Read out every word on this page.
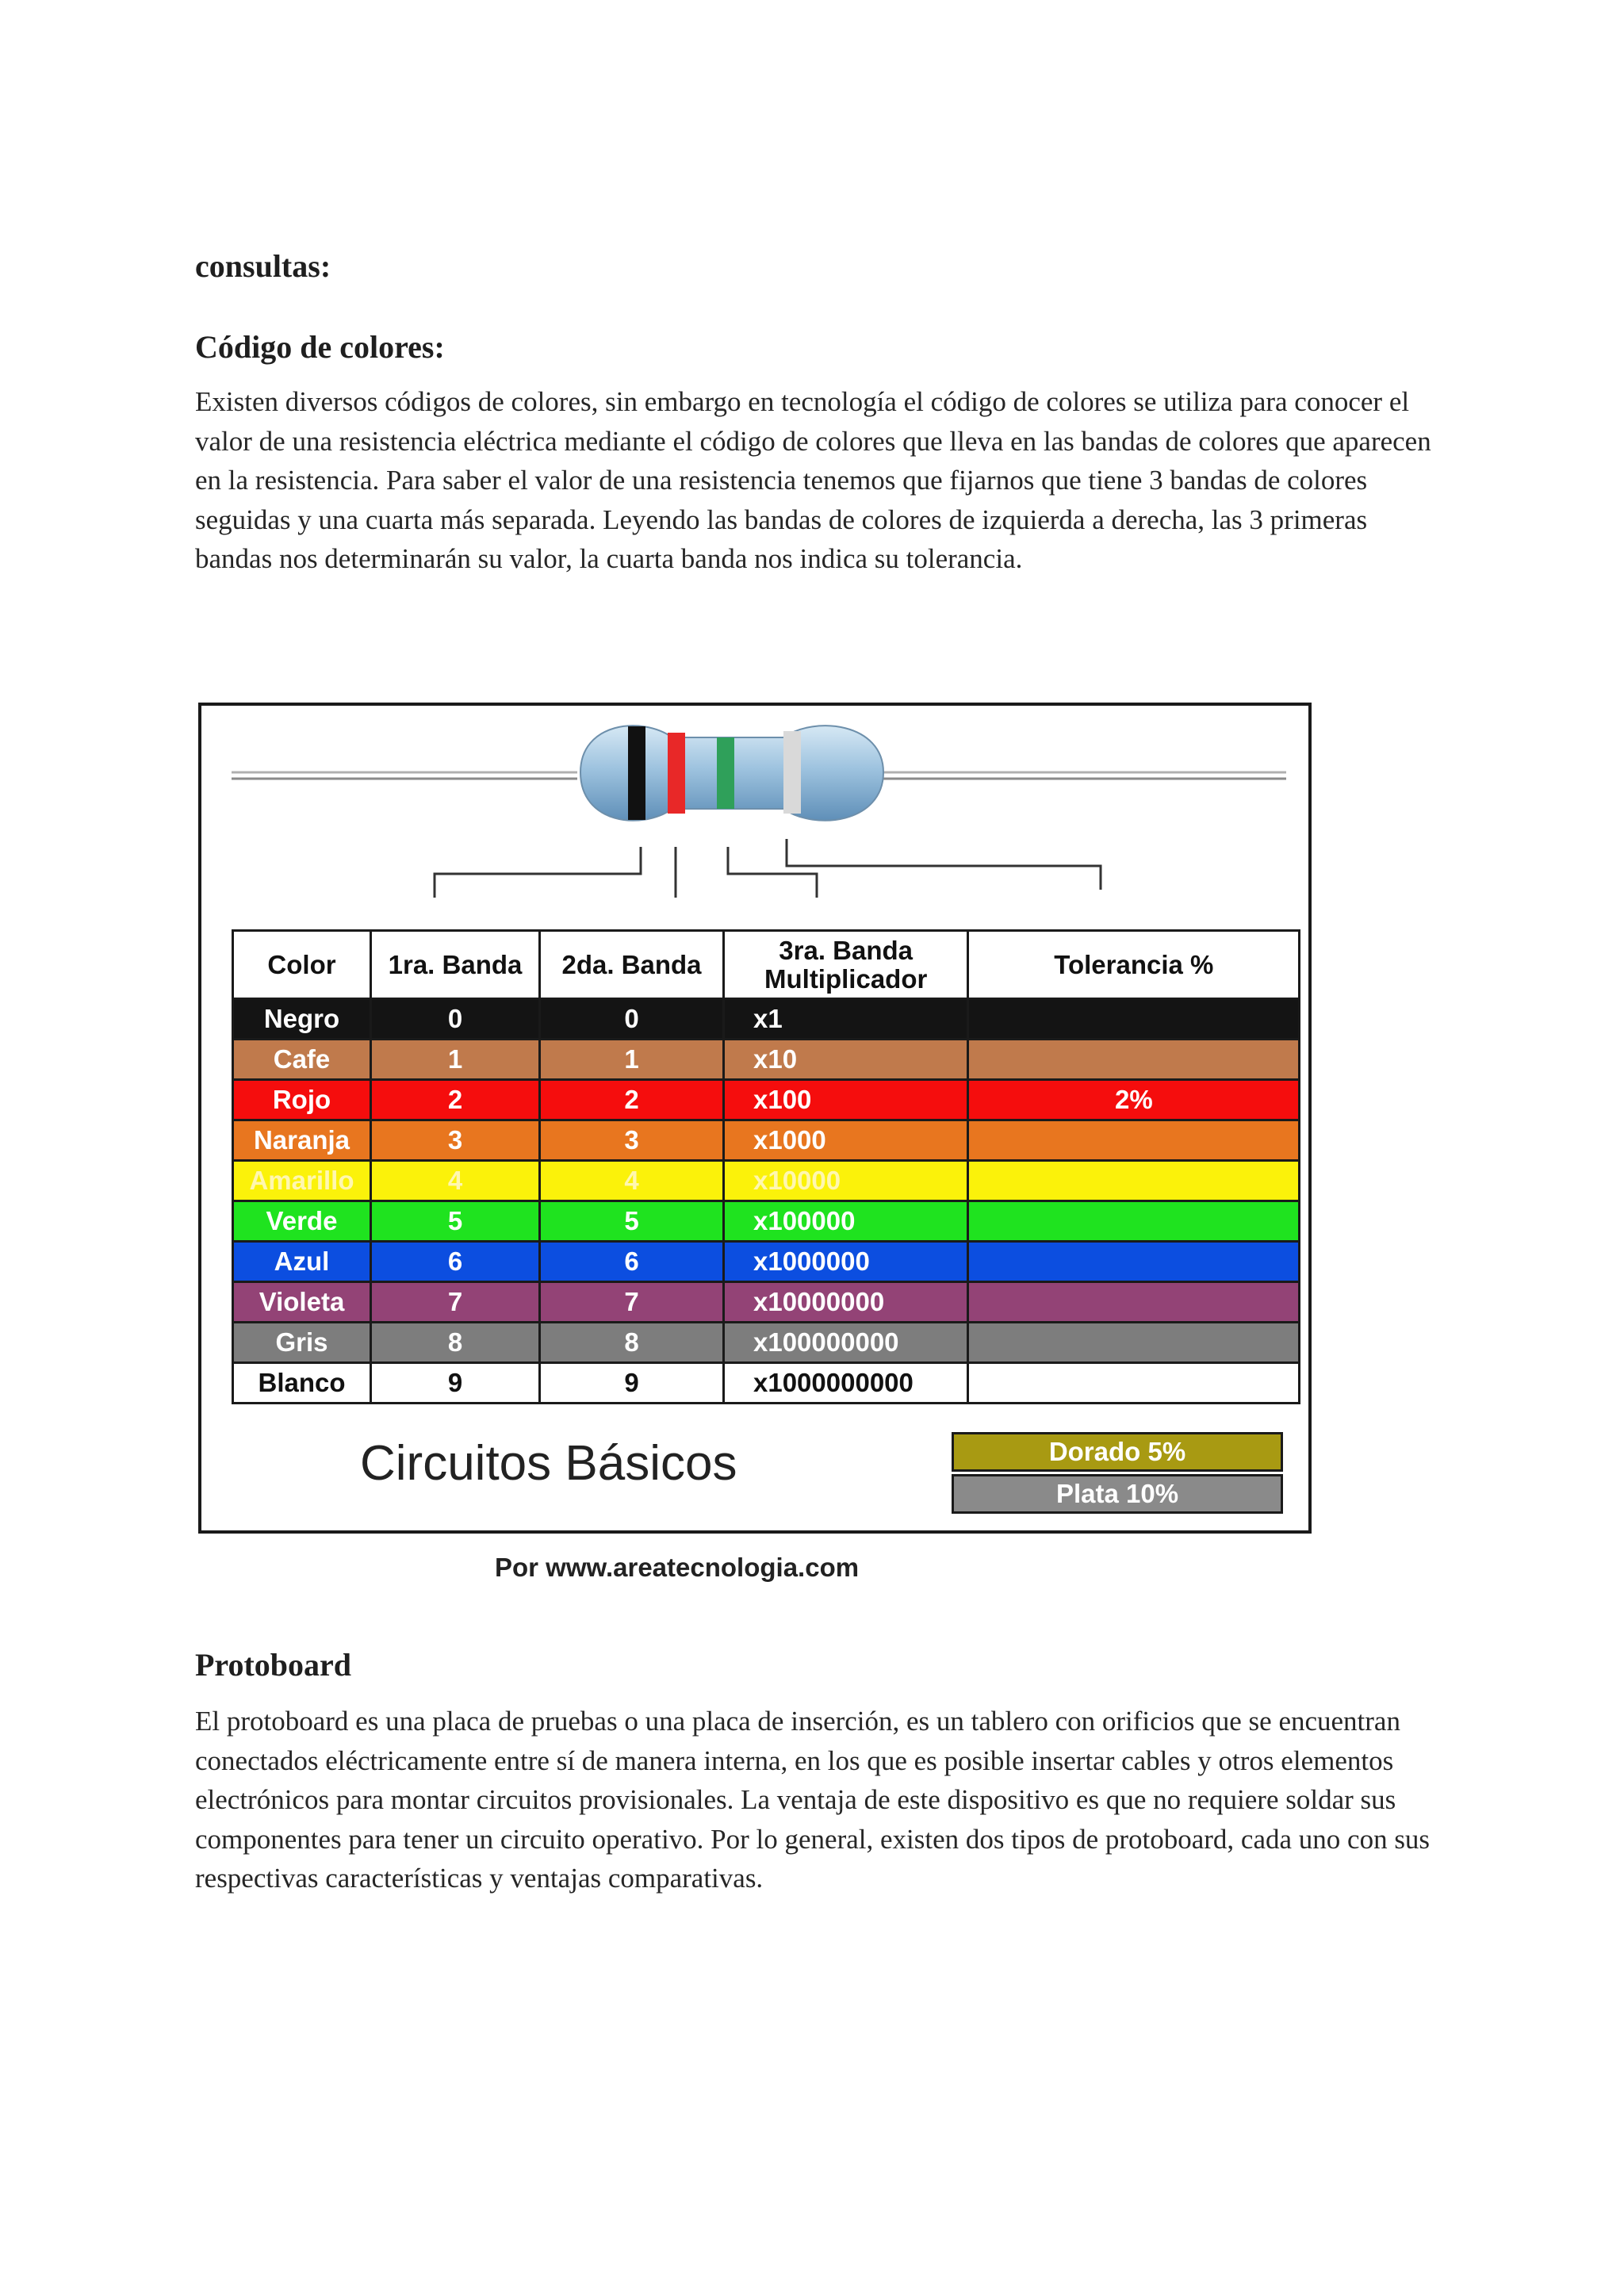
consultas:

Código de colores:

Existen diversos códigos de colores, sin embargo en tecnología el código de colores se utiliza para conocer el valor de una resistencia eléctrica mediante el código de colores que lleva en las bandas de colores que aparecen en la resistencia. Para saber el valor de una resistencia tenemos que fijarnos que tiene 3 bandas de colores seguidas y una cuarta más separada. Leyendo las bandas de colores de izquierda a derecha, las 3 primeras bandas nos determinarán su valor, la cuarta banda nos indica su tolerancia.

Color	1ra. Banda	2da. Banda	3ra. Banda Multiplicador	Tolerancia %
Negro	0	0	x1	
Cafe	1	1	x10	
Rojo	2	2	x100	2%
Naranja	3	3	x1000	
Amarillo	4	4	x10000	
Verde	5	5	x100000	
Azul	6	6	x1000000	
Violeta	7	7	x10000000	
Gris	8	8	x100000000	
Blanco	9	9	x1000000000	
Dorado 5%
Plata 10%
Circuitos Básicos
Por www.areatecnologia.com
Protoboard

El protoboard es una placa de pruebas o una placa de inserción, es un tablero con orificios que se encuentran conectados eléctricamente entre sí de manera interna, en los que es posible insertar cables y otros elementos electrónicos para montar circuitos provisionales. La ventaja de este dispositivo es que no requiere soldar sus componentes para tener un circuito operativo. Por lo general, existen dos tipos de protoboard, cada uno con sus respectivas características y ventajas comparativas.
